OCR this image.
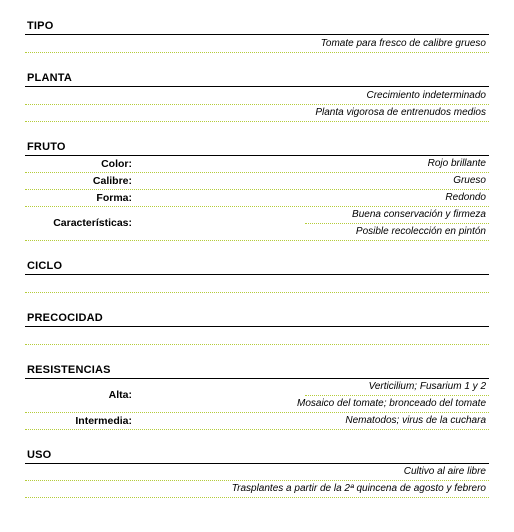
TIPO
Tomate para fresco de calibre grueso
PLANTA
Crecimiento indeterminado
Planta vigorosa de entrenudos medios
FRUTO
Color:	Rojo brillante
Calibre:	Grueso
Forma:	Redondo
Características:
Buena conservación y firmeza
Posible recolección en pintón
CICLO
PRECOCIDAD
RESISTENCIAS
Alta:
Verticilium; Fusarium 1 y 2
Mosaico del tomate; bronceado del tomate
Intermedia:	Nematodos; virus de la cuchara
USO
Cultivo al aire libre
Trasplantes a partir de la 2ª quincena de agosto y febrero
